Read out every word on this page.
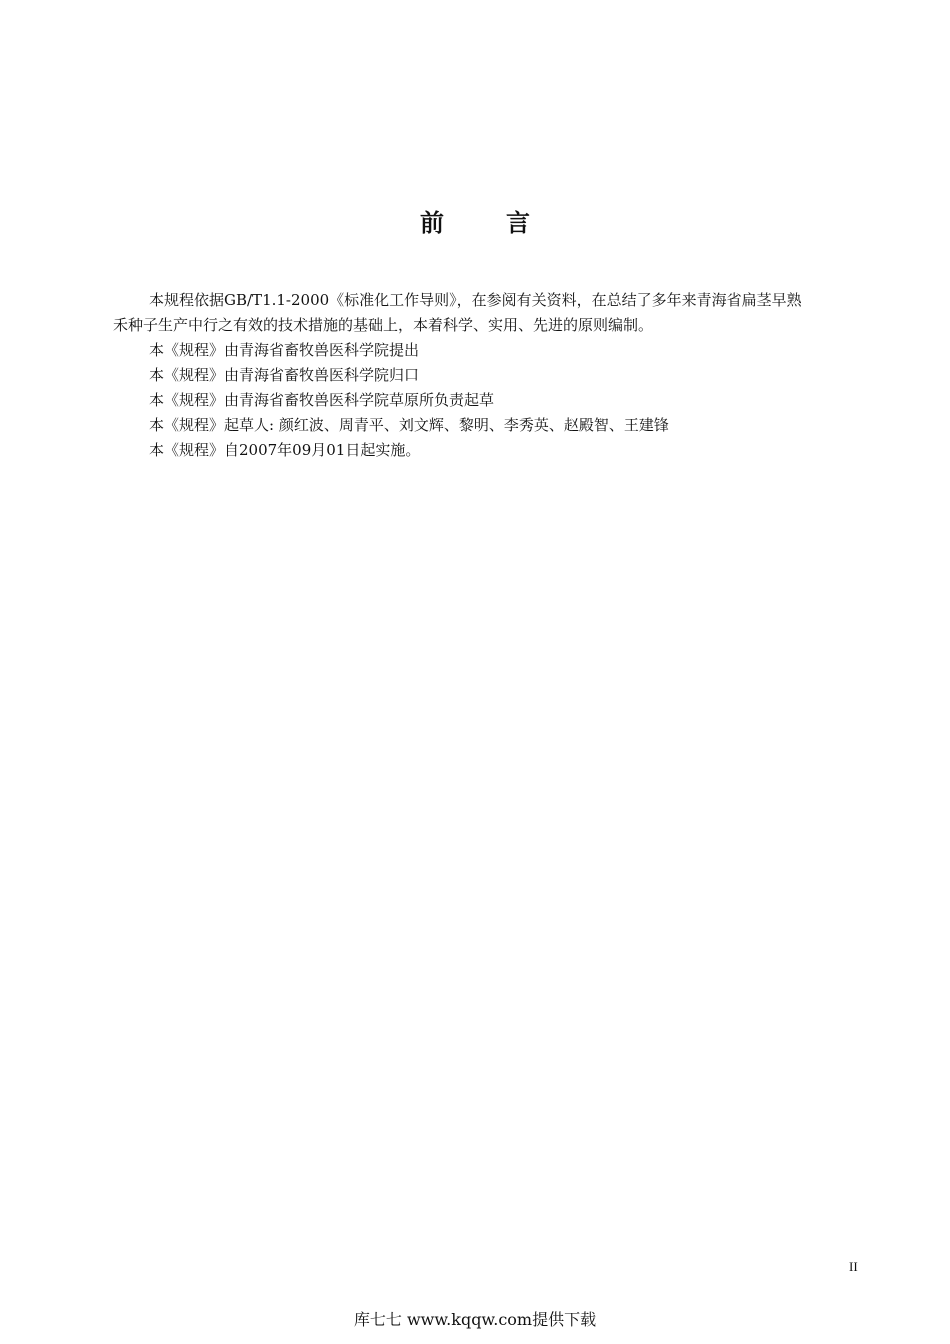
前	言

本规程依据GB/T1.1-2000《标准化工作导则》，在参阅有关资料，在总结了多年来青海省扁茎早熟

禾种子生产中行之有效的技术措施的基础上，本着科学、实用、先进的原则编制。

本《规程》由青海省畜牧兽医科学院提出

本《规程》由青海省畜牧兽医科学院归口

本《规程》由青海省畜牧兽医科学院草原所负责起草

本《规程》起草人: 颜红波、周青平、刘文辉、黎明、李秀英、赵殿智、王建锋

本《规程》自2007年09月01日起实施。

II
库七七 www.kqqw.com提供下载
